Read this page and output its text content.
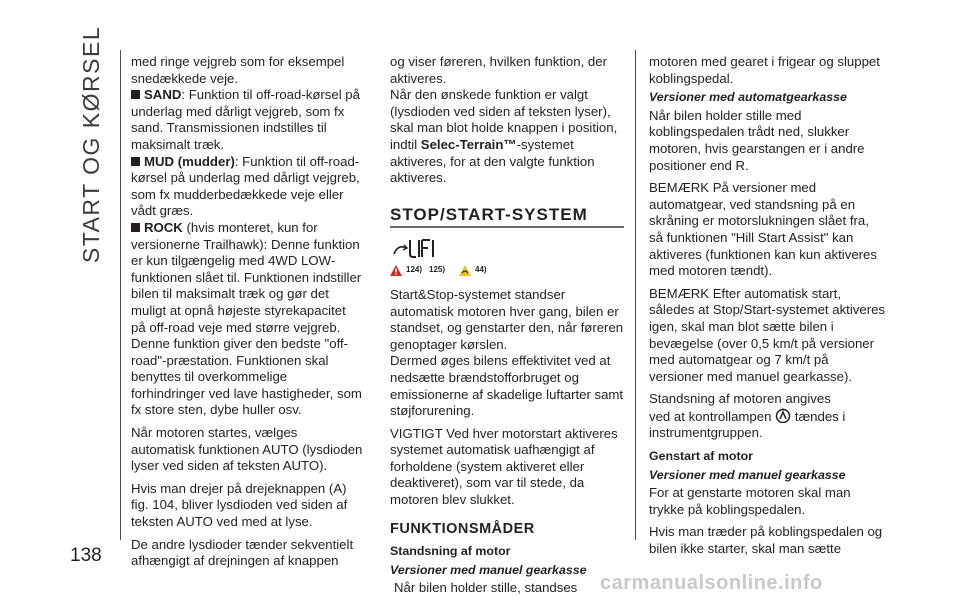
START OG KØRSEL med ringe vejgreb som for eksempel snedækkede veje.

SAND: Funktion til off-road-kørsel på underlag med dårligt vejgreb, som fx sand. Transmissionen indstilles til maksimalt træk.

MUD (mudder): Funktion til off-road-kørsel på underlag med dårligt vejgreb, som fx mudderbedækkede veje eller vådt græs.

ROCK (hvis monteret, kun for versionerne Trailhawk): Denne funktion er kun tilgængelig med 4WD LOW-funktionen slået til. Funktionen indstiller bilen til maksimalt træk og gør det muligt at opnå højeste styrekapacitet på off-road veje med større vejgreb. Denne funktion giver den bedste "off-road"-præstation. Funktionen skal benyttes til overkommelige forhindringer ved lave hastigheder, som fx store sten, dybe huller osv.

Når motoren startes, vælges automatisk funktionen AUTO (lysdioden lyser ved siden af teksten AUTO).

Hvis man drejer på drejeknappen (A) fig. 104, bliver lysdioden ved siden af teksten AUTO ved med at lyse.

De andre lysdioder tænder sekventielt afhængigt af drejningen af knappen

og viser føreren, hvilken funktion, der aktiveres.

Når den ønskede funktion er valgt (lysdioden ved siden af teksten lyser), skal man blot holde knappen i position, indtil Selec-Terrain™-systemet aktiveres, for at den valgte funktion aktiveres.

STOP/START-SYSTEM
124) 125)	44)

Start&Stop-systemet standser automatisk motoren hver gang, bilen er standset, og genstarter den, når føreren genoptager kørslen.

Dermed øges bilens effektivitet ved at nedsætte brændstofforbruget og emissionerne af skadelige luftarter samt støjforurening.

VIGTIGT Ved hver motorstart aktiveres systemet automatisk uafhængigt af forholdene (system aktiveret eller deaktiveret), som var til stede, da motoren blev slukket.

FUNKTIONSMÅDER
Standsning af motor
Versioner med manuel gearkasse

Når bilen holder stille, standses

motoren med gearet i frigear og sluppet koblingspedal.

Versioner med automatgearkasse

Når bilen holder stille med koblingspedalen trådt ned, slukker motoren, hvis gearstangen er i andre positioner end R.

BEMÆRK På versioner med automatgear, ved standsning på en skråning er motorslukningen slået fra, så funktionen "Hill Start Assist" kan aktiveres (funktionen kan kun aktiveres med motoren tændt).

BEMÆRK Efter automatisk start, således at Stop/Start-systemet aktiveres igen, skal man blot sætte bilen i bevægelse (over 0,5 km/t på versioner med automatgear og 7 km/t på versioner med manuel gearkasse).

Standsning af motoren angives
ved at kontrollampen tændes i instrumentgruppen.

Genstart af motor
Versioner med manuel gearkasse

For at genstarte motoren skal man trykke på koblingspedalen.

Hvis man træder på koblingspedalen og bilen ikke starter, skal man sætte

138
carmanualsonline.info
